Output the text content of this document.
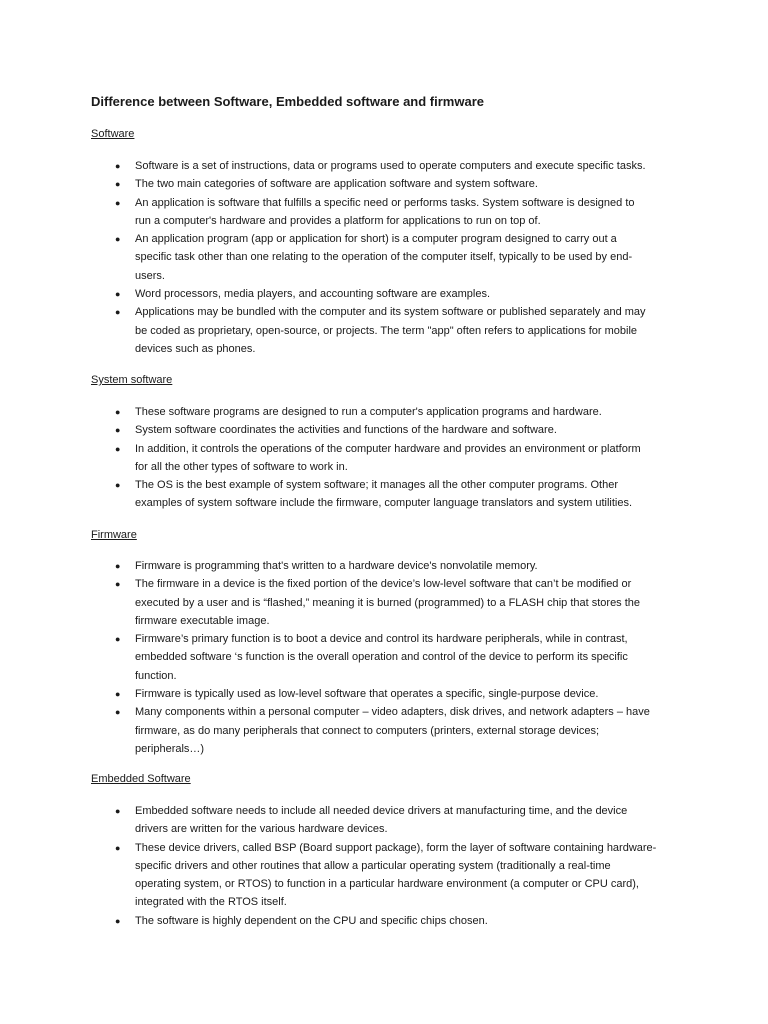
Difference between Software, Embedded software and firmware
Software
● Software is a set of instructions, data or programs used to operate computers and execute specific tasks.
● The two main categories of software are application software and system software.
● An application is software that fulfills a specific need or performs tasks. System software is designed to
run a computer's hardware and provides a platform for applications to run on top of.
● An application program (app or application for short) is a computer program designed to carry out a
specific task other than one relating to the operation of the computer itself, typically to be used by end-
users.
● Word processors, media players, and accounting software are examples.
● Applications may be bundled with the computer and its system software or published separately and may
be coded as proprietary, open-source, or projects. The term "app" often refers to applications for mobile
devices such as phones.
System software
● These software programs are designed to run a computer's application programs and hardware.
● System software coordinates the activities and functions of the hardware and software.
● In addition, it controls the operations of the computer hardware and provides an environment or platform
for all the other types of software to work in.
● The OS is the best example of system software; it manages all the other computer programs. Other
examples of system software include the firmware, computer language translators and system utilities.
Firmware
● Firmware is programming that's written to a hardware device's nonvolatile memory.
● The firmware in a device is the fixed portion of the device’s low-level software that can’t be modified or
executed by a user and is “flashed,” meaning it is burned (programmed) to a FLASH chip that stores the
firmware executable image.
● Firmware’s primary function is to boot a device and control its hardware peripherals, while in contrast,
embedded software ‘s function is the overall operation and control of the device to perform its specific
function.
● Firmware is typically used as low-level software that operates a specific, single-purpose device.
● Many components within a personal computer – video adapters, disk drives, and network adapters – have
firmware, as do many peripherals that connect to computers (printers, external storage devices;
peripherals…)
Embedded Software
● Embedded software needs to include all needed device drivers at manufacturing time, and the device
drivers are written for the various hardware devices.
● These device drivers, called BSP (Board support package), form the layer of software containing hardware-
specific drivers and other routines that allow a particular operating system (traditionally a real-time
operating system, or RTOS) to function in a particular hardware environment (a computer or CPU card),
integrated with the RTOS itself.
● The software is highly dependent on the CPU and specific chips chosen.
